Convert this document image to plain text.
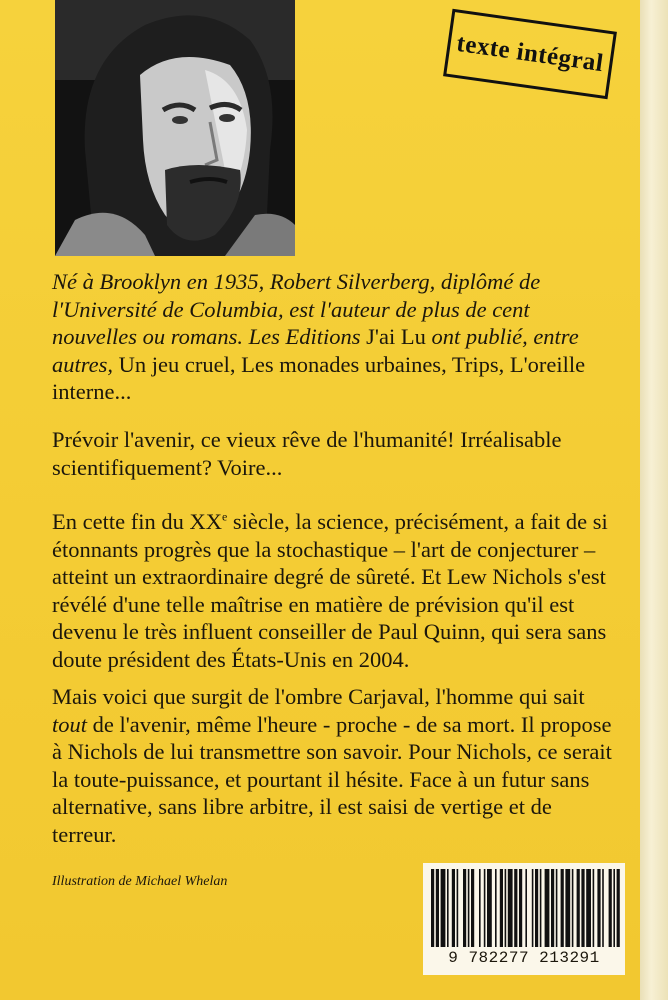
texte intégral

Né à Brooklyn en 1935, Robert Silverberg, diplômé de l'Université de Columbia, est l'auteur de plus de cent nouvelles ou romans. Les Editions J'ai Lu ont publié, entre autres, Un jeu cruel, Les monades urbaines, Trips, L'oreille interne...

Prévoir l'avenir, ce vieux rêve de l'humanité! Irréalisable scientifiquement? Voire...

En cette fin du XXe siècle, la science, précisément, a fait de si étonnants progrès que la stochastique – l'art de conjecturer – atteint un extraordinaire degré de sûreté. Et Lew Nichols s'est révélé d'une telle maîtrise en matière de prévision qu'il est devenu le très influent conseiller de Paul Quinn, qui sera sans doute président des États-Unis en 2004.

Mais voici que surgit de l'ombre Carjaval, l'homme qui sait tout de l'avenir, même l'heure - proche - de sa mort. Il propose à Nichols de lui transmettre son savoir. Pour Nichols, ce serait la toute-puissance, et pourtant il hésite. Face à un futur sans alternative, sans libre arbitre, il est saisi de vertige et de terreur.

Illustration de Michael Whelan
9 782277 213291
